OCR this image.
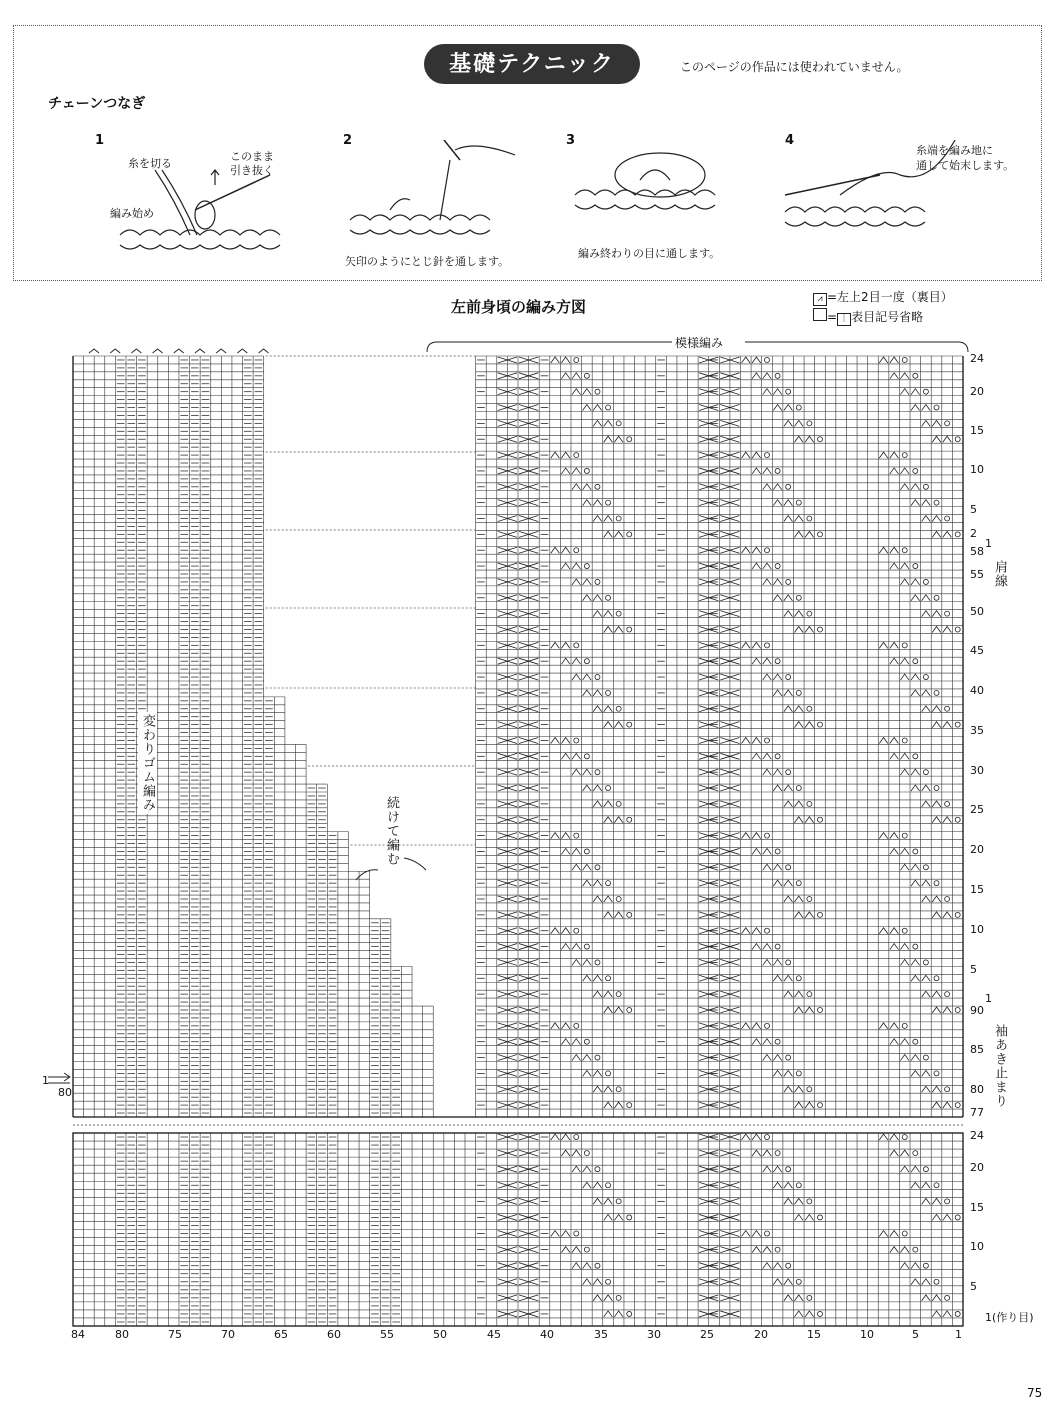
基礎テクニック	このページの作品には使われていません。
チェーンつなぎ
1	2	3	4
糸を切る
このまま
引き抜く
編み始め
矢印のようにとじ針を通します。
編み終わりの目に通します。
糸端を編み地に
通して始末します。
左前身頃の編み方図	⩘ =左上2目一度（裏目）
= ｜ 表目記号省略
模様編み
変わりゴム編み
続けて編む
肩線
袖あき止まり
24
20
15
10
5
2
1
58
55
50
45
40
35
30
25
20
15
10
5
1
90
85
80
77
24
20
15
10
5
1(作り目)
84	80	75	70	65	60	55	50	45	40	35	30	25	20	15	10	5	1
1
80
75
